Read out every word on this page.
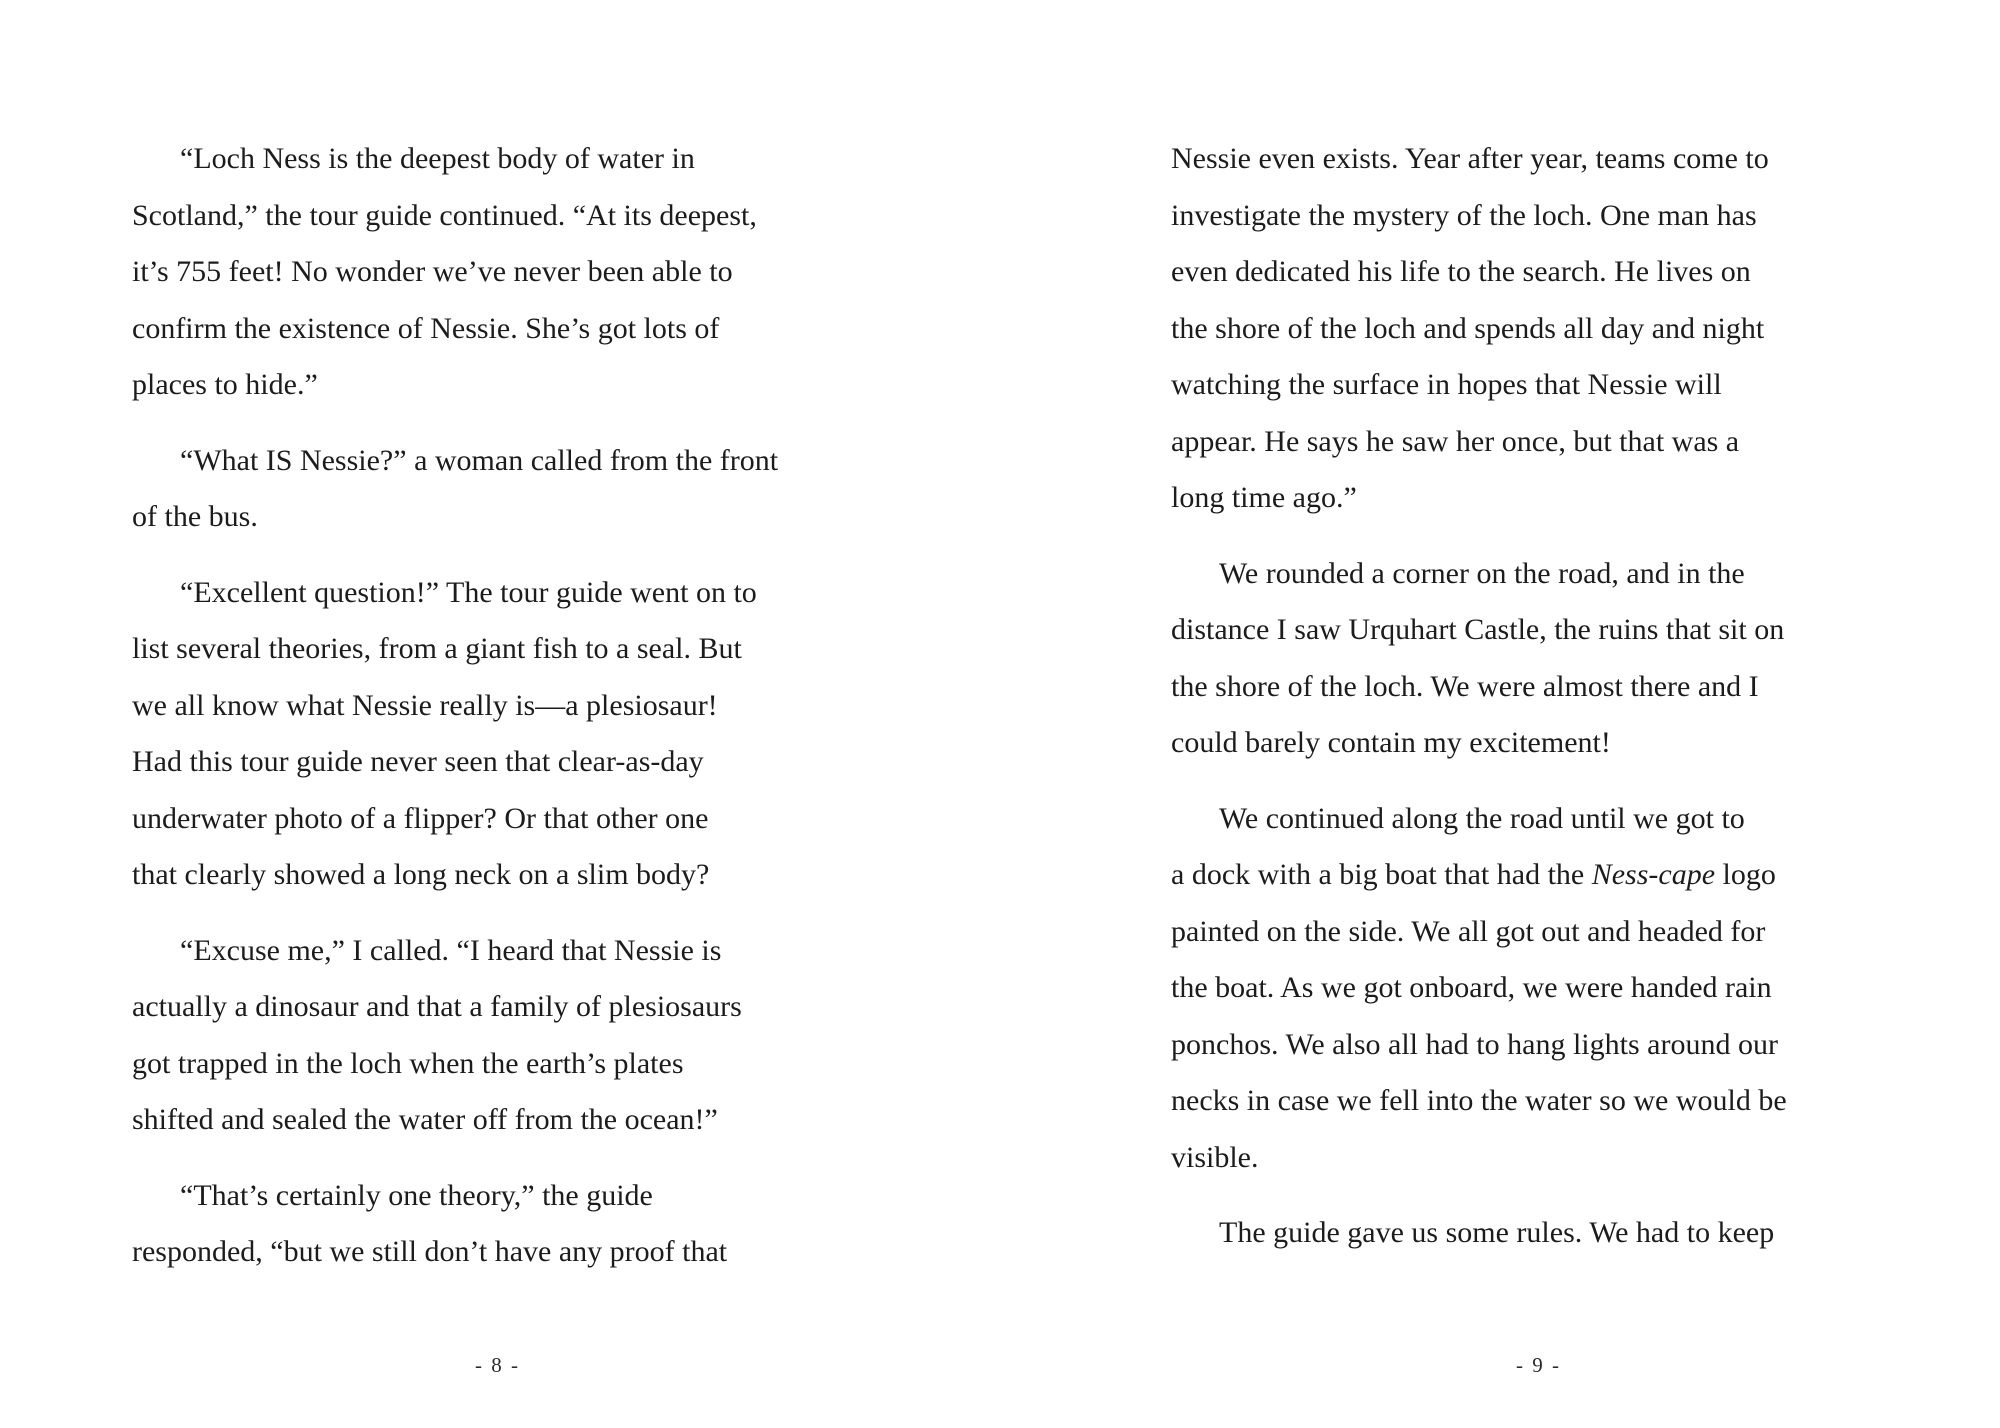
“Loch Ness is the deepest body of water in
Scotland,” the tour guide continued. “At its deepest,
it’s 755 feet! No wonder we’ve never been able to
confirm the existence of Nessie. She’s got lots of
places to hide.”

“What IS Nessie?” a woman called from the front
of the bus.

“Excellent question!” The tour guide went on to
list several theories, from a giant fish to a seal. But
we all know what Nessie really is—a plesiosaur!
Had this tour guide never seen that clear-as-day
underwater photo of a flipper? Or that other one
that clearly showed a long neck on a slim body?

“Excuse me,” I called. “I heard that Nessie is
actually a dinosaur and that a family of plesiosaurs
got trapped in the loch when the earth’s plates
shifted and sealed the water off from the ocean!”

“That’s certainly one theory,” the guide
responded, “but we still don’t have any proof that

- 8 -

Nessie even exists. Year after year, teams come to
investigate the mystery of the loch. One man has
even dedicated his life to the search. He lives on
the shore of the loch and spends all day and night
watching the surface in hopes that Nessie will
appear. He says he saw her once, but that was a
long time ago.”

We rounded a corner on the road, and in the
distance I saw Urquhart Castle, the ruins that sit on
the shore of the loch. We were almost there and I
could barely contain my excitement!

We continued along the road until we got to
a dock with a big boat that had the Ness-cape logo
painted on the side. We all got out and headed for
the boat. As we got onboard, we were handed rain
ponchos. We also all had to hang lights around our
necks in case we fell into the water so we would be
visible.

The guide gave us some rules. We had to keep

- 9 -
